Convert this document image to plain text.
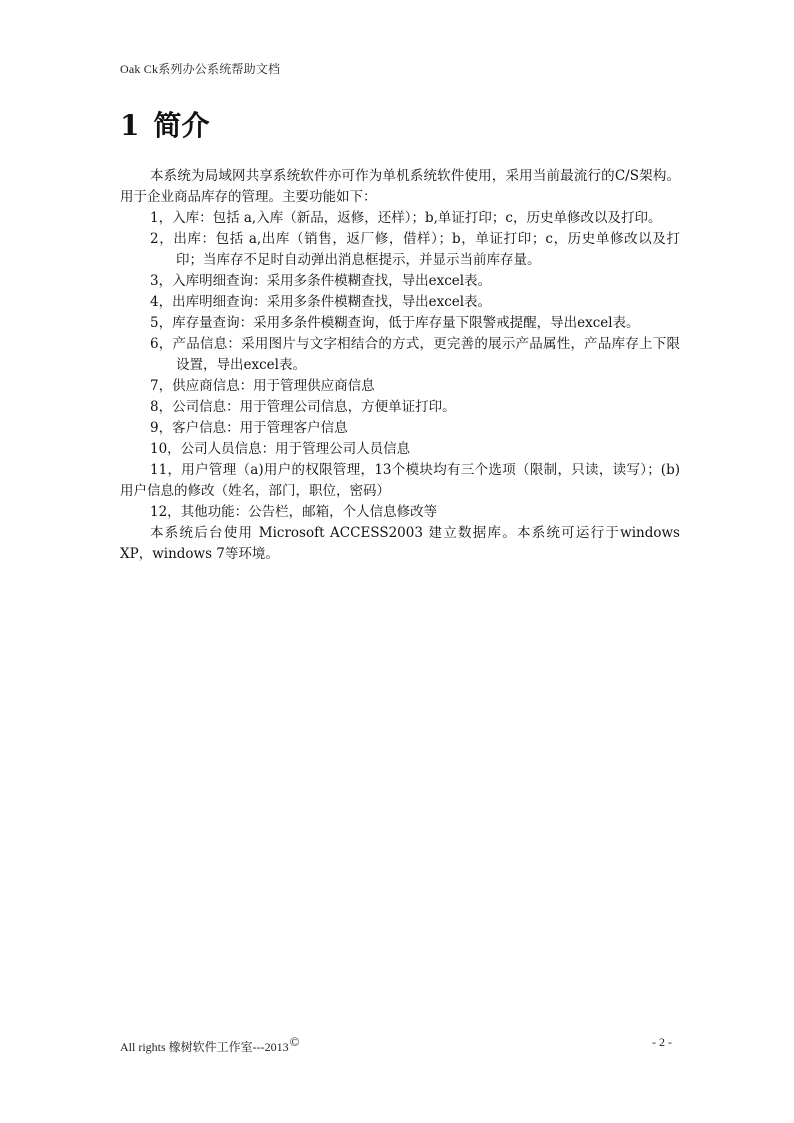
Oak Ck系列办公系统帮助文档
1 简介

本系统为局域网共享系统软件亦可作为单机系统软件使用，采用当前最流行的C/S架构。用于企业商品库存的管理。主要功能如下：

1，入库：包括 a,入库（新品，返修，还样）；b,单证打印；c，历史单修改以及打印。
2，出库：包括 a,出库（销售，返厂修，借样）；b，单证打印；c，历史单修改以及打印；当库存不足时自动弹出消息框提示，并显示当前库存量。
3，入库明细查询：采用多条件模糊查找，导出excel表。
4，出库明细查询：采用多条件模糊查找，导出excel表。
5，库存量查询：采用多条件模糊查询，低于库存量下限警戒提醒，导出excel表。
6，产品信息：采用图片与文字相结合的方式，更完善的展示产品属性，产品库存上下限设置，导出excel表。
7，供应商信息：用于管理供应商信息
8，公司信息：用于管理公司信息，方便单证打印。
9，客户信息：用于管理客户信息
10，公司人员信息：用于管理公司人员信息
11，用户管理（a)用户的权限管理，13个模块均有三个选项（限制，只读，读写）；(b)用户信息的修改（姓名，部门，职位，密码）
12，其他功能：公告栏，邮箱，个人信息修改等

本系统后台使用 Microsoft ACCESS2003 建立数据库。本系统可运行于windows XP，windows 7等环境。

All rights 橡树软件工作室---2013©	- 2 -
